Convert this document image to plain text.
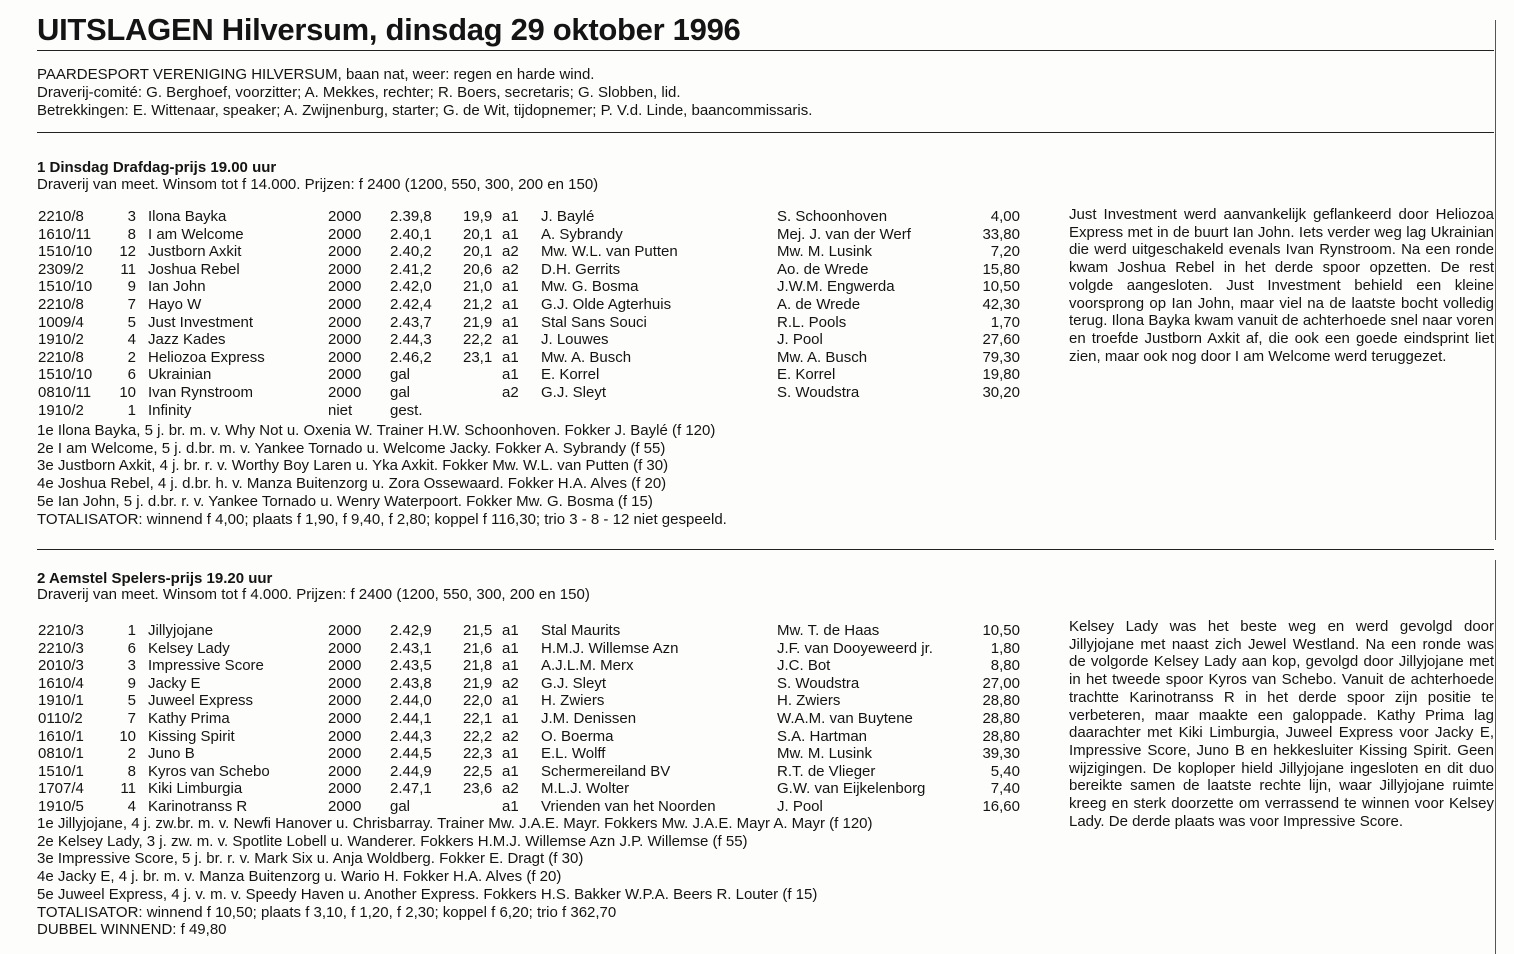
UITSLAGEN Hilversum, dinsdag 29 oktober 1996
PAARDESPORT VERENIGING HILVERSUM, baan nat, weer: regen en harde wind.
Draverij-comité: G. Berghoef, voorzitter; A. Mekkes, rechter; R. Boers, secretaris; G. Slobben, lid.
Betrekkingen: E. Wittenaar, speaker; A. Zwijnenburg, starter; G. de Wit, tijdopnemer; P. V.d. Linde, baancommissaris.
1 Dinsdag Drafdag-prijs 19.00 uur
Draverij van meet. Winsom tot f 14.000. Prijzen: f 2400 (1200, 550, 300, 200 en 150)
2210/8	3 Ilona Bayka	2000 2.39,8 19,9 a1 J. Baylé	S. Schoonhoven	4,00
1610/11	8 I am Welcome	2000 2.40,1 20,1 a1 A. Sybrandy	Mej. J. van der Werf	33,80
1510/10 12 Justborn Axkit	2000 2.40,2 20,1 a2 Mw. W.L. van Putten	Mw. M. Lusink	7,20
2309/2 11 Joshua Rebel	2000 2.41,2 20,6 a2 D.H. Gerrits	Ao. de Wrede	15,80
1510/10	9 Ian John	2000 2.42,0 21,0 a1 Mw. G. Bosma	J.W.M. Engwerda	10,50
2210/8	7 Hayo W	2000 2.42,4 21,2 a1 G.J. Olde Agterhuis	A. de Wrede	42,30
1009/4	5 Just Investment	2000 2.43,7 21,9 a1 Stal Sans Souci	R.L. Pools	1,70
1910/2	4 Jazz Kades	2000 2.44,3 22,2 a1 J. Louwes	J. Pool	27,60
2210/8	2 Heliozoa Express	2000 2.46,2 23,1 a1 Mw. A. Busch	Mw. A. Busch	79,30
1510/10	6 Ukrainian	2000 gal	a1 E. Korrel	E. Korrel	19,80
0810/11 10 Ivan Rynstroom	2000 gal	a2 G.J. Sleyt	S. Woudstra	30,20
1910/2	1 Infinity	niet	gest.
1e Ilona Bayka, 5 j. br. m. v. Why Not u. Oxenia W. Trainer H.W. Schoonhoven. Fokker J. Baylé (f 120)
2e I am Welcome, 5 j. d.br. m. v. Yankee Tornado u. Welcome Jacky. Fokker A. Sybrandy (f 55)
3e Justborn Axkit, 4 j. br. r. v. Worthy Boy Laren u. Yka Axkit. Fokker Mw. W.L. van Putten (f 30)
4e Joshua Rebel, 4 j. d.br. h. v. Manza Buitenzorg u. Zora Ossewaard. Fokker H.A. Alves (f 20)
5e Ian John, 5 j. d.br. r. v. Yankee Tornado u. Wenry Waterpoort. Fokker Mw. G. Bosma (f 15)
TOTALISATOR: winnend f 4,00; plaats f 1,90, f 9,40, f 2,80; koppel f 116,30; trio 3 - 8 - 12 niet gespeeld.
Just Investment werd aanvankelijk geflankeerd door Heliozoa Express met in de buurt Ian John. Iets verder weg lag Ukrainian die werd uitgeschakeld evenals Ivan Rynstroom. Na een ronde kwam Joshua Rebel in het derde spoor opzetten. De rest volgde aangesloten. Just Investment behield een kleine voorsprong op Ian John, maar viel na de laatste bocht volledig terug. Ilona Bayka kwam vanuit de achterhoede snel naar voren en troefde Justborn Axkit af, die ook een goede eindsprint liet zien, maar ook nog door I am Welcome werd teruggezet.
2 Aemstel Spelers-prijs 19.20 uur
Draverij van meet. Winsom tot f 4.000. Prijzen: f 2400 (1200, 550, 300, 200 en 150)
2210/3	1 Jillyjojane	2000 2.42,9 21,5 a1 Stal Maurits	Mw. T. de Haas	10,50
2210/3	6 Kelsey Lady	2000 2.43,1 21,6 a1 H.M.J. Willemse Azn	J.F. van Dooyeweerd jr.	1,80
2010/3	3 Impressive Score	2000 2.43,5 21,8 a1 A.J.L.M. Merx	J.C. Bot	8,80
1610/4	9 Jacky E	2000 2.43,8 21,9 a2 G.J. Sleyt	S. Woudstra	27,00
1910/1	5 Juweel Express	2000 2.44,0 22,0 a1 H. Zwiers	H. Zwiers	28,80
0110/2	7 Kathy Prima	2000 2.44,1 22,1 a1 J.M. Denissen	W.A.M. van Buytene	28,80
1610/1 10 Kissing Spirit	2000 2.44,3 22,2 a2 O. Boerma	S.A. Hartman	28,80
0810/1	2 Juno B	2000 2.44,5 22,3 a1 E.L. Wolff	Mw. M. Lusink	39,30
1510/1	8 Kyros van Schebo	2000 2.44,9 22,5 a1 Schermereiland BV	R.T. de Vlieger	5,40
1707/4 11 Kiki Limburgia	2000 2.47,1 23,6 a2 M.L.J. Wolter	G.W. van Eijkelenborg	7,40
1910/5	4 Karinotranss R	2000 gal	a1 Vrienden van het Noorden	J. Pool	16,60
1e Jillyjojane, 4 j. zw.br. m. v. Newfi Hanover u. Chrisbarray. Trainer Mw. J.A.E. Mayr. Fokkers Mw. J.A.E. Mayr A. Mayr (f 120)
2e Kelsey Lady, 3 j. zw. m. v. Spotlite Lobell u. Wanderer. Fokkers H.M.J. Willemse Azn J.P. Willemse (f 55)
3e Impressive Score, 5 j. br. r. v. Mark Six u. Anja Woldberg. Fokker E. Dragt (f 30)
4e Jacky E, 4 j. br. m. v. Manza Buitenzorg u. Wario H. Fokker H.A. Alves (f 20)
5e Juweel Express, 4 j. v. m. v. Speedy Haven u. Another Express. Fokkers H.S. Bakker W.P.A. Beers R. Louter (f 15)
TOTALISATOR: winnend f 10,50; plaats f 3,10, f 1,20, f 2,30; koppel f 6,20; trio f 362,70
DUBBEL WINNEND: f 49,80
Kelsey Lady was het beste weg en werd gevolgd door Jillyjojane met naast zich Jewel Westland. Na een ronde was de volgorde Kelsey Lady aan kop, gevolgd door Jillyjojane met in het tweede spoor Kyros van Schebo. Vanuit de achterhoede trachtte Karinotranss R in het derde spoor zijn positie te verbeteren, maar maakte een galoppade. Kathy Prima lag daarachter met Kiki Limburgia, Juweel Express voor Jacky E, Impressive Score, Juno B en hekkesluiter Kissing Spirit. Geen wijzigingen. De koploper hield Jillyjojane ingesloten en dit duo bereikte samen de laatste rechte lijn, waar Jillyjojane ruimte kreeg en sterk doorzette om verrassend te winnen voor Kelsey Lady. De derde plaats was voor Impressive Score.
